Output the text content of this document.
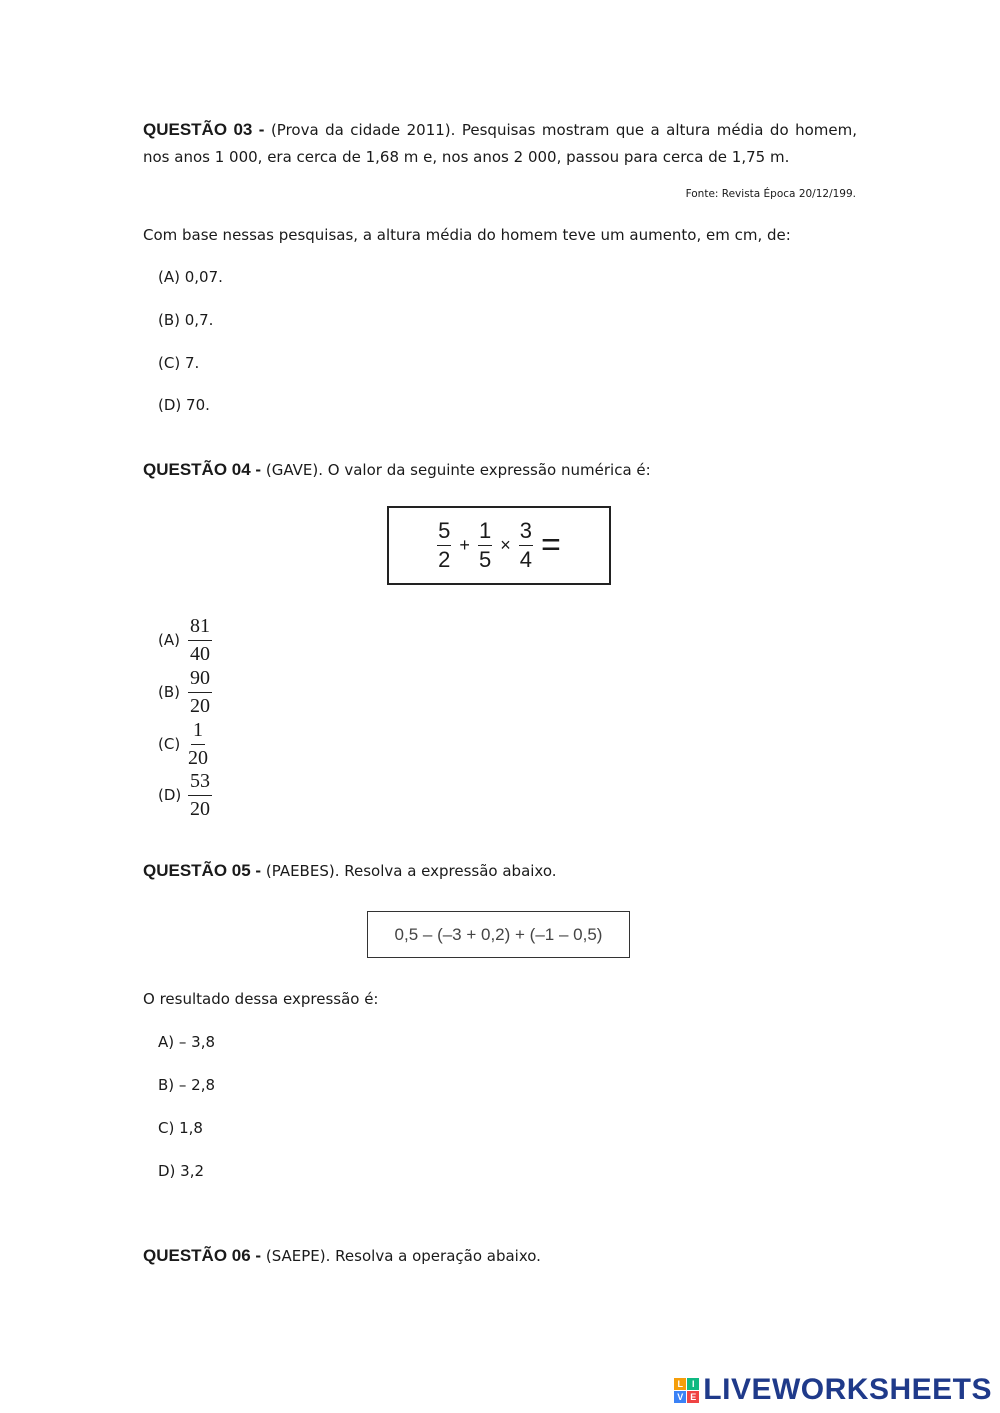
QUESTÃO 03 - (Prova da cidade 2011). Pesquisas mostram que a altura média do homem,
nos anos 1 000, era cerca de 1,68 m e, nos anos 2 000, passou para cerca de 1,75 m.
Fonte: Revista Época 20/12/199.
Com base nessas pesquisas, a altura média do homem teve um aumento, em cm, de:
(A) 0,07.
(B) 0,7.
(C) 7.
(D) 70.
QUESTÃO 04 - (GAVE). O valor da seguinte expressão numérica é:
$\frac{5}{2} + \frac{1}{5} \times \frac{3}{4}$ =
$(A) \frac{81}{40}$
$(B) \frac{90}{20}$
$(C) \frac{1}{20}$
$(D) \frac{53}{20}$
QUESTÃO 05 - (PAEBES). Resolva a expressão abaixo.
0,5 – (–3 + 0,2) + (–1 – 0,5)
O resultado dessa expressão é:
A) – 3,8
B) – 2,8
C) 1,8
D) 3,2
QUESTÃO 06 - (SAEPE). Resolva a operação abaixo.
L I
V E LIVEWORKSHEETS
